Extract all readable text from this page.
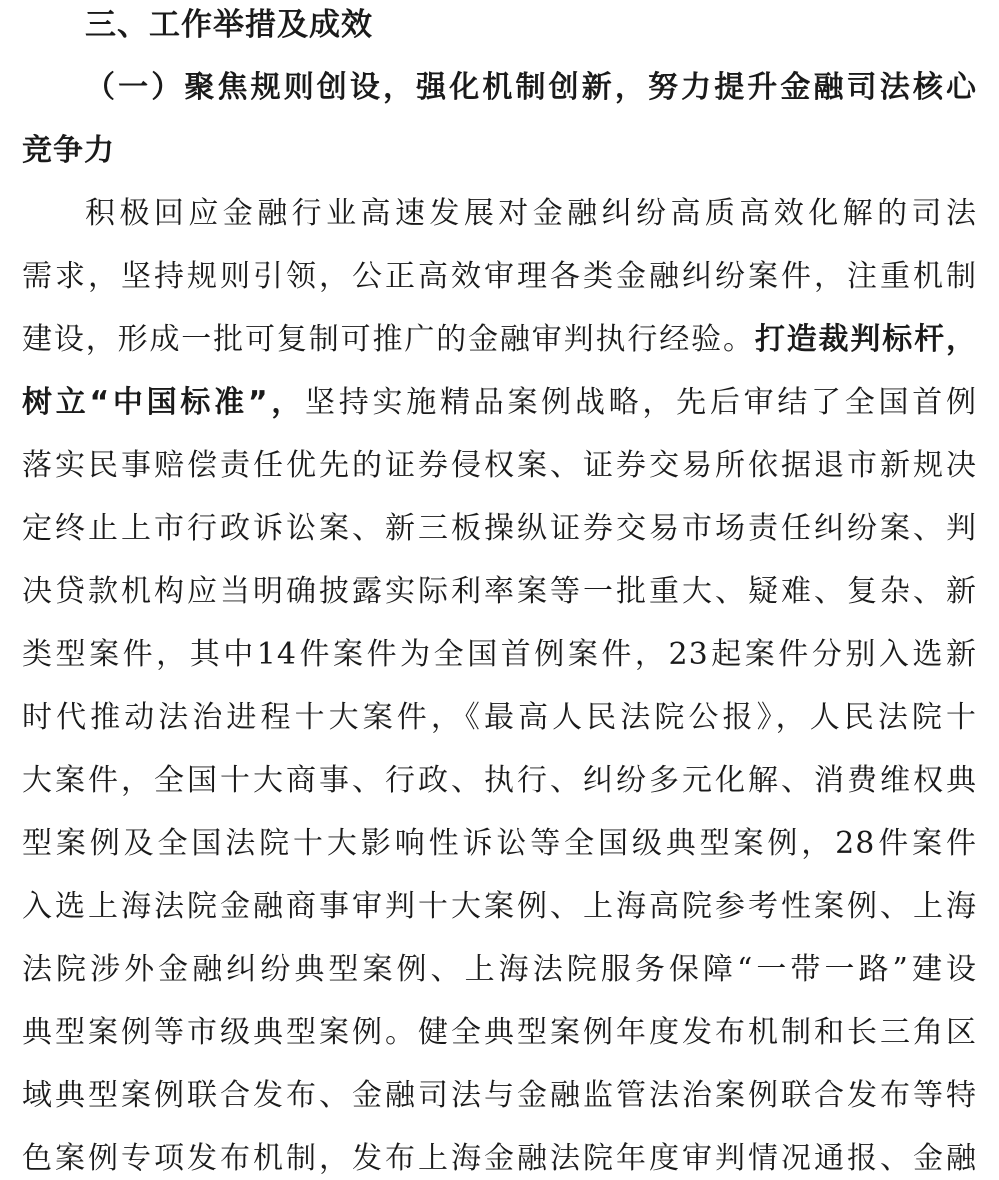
三、工作举措及成效
（一）聚焦规则创设，强化机制创新，努力提升金融司法核心
竞争力
积极回应金融行业高速发展对金融纠纷高质高效化解的司法
需求，坚持规则引领，公正高效审理各类金融纠纷案件，注重机制
建设，形成一批可复制可推广的金融审判执行经验。打造裁判标杆，
树立“中国标准”，坚持实施精品案例战略，先后审结了全国首例
落实民事赔偿责任优先的证券侵权案、证券交易所依据退市新规决
定终止上市行政诉讼案、新三板操纵证券交易市场责任纠纷案、判
决贷款机构应当明确披露实际利率案等一批重大、疑难、复杂、新
类型案件，其中14件案件为全国首例案件，23起案件分别入选新
时代推动法治进程十大案件，《最高人民法院公报》，人民法院十
大案件，全国十大商事、行政、执行、纠纷多元化解、消费维权典
型案例及全国法院十大影响性诉讼等全国级典型案例，28件案件
入选上海法院金融商事审判十大案例、上海高院参考性案例、上海
法院涉外金融纠纷典型案例、上海法院服务保障“一带一路”建设
典型案例等市级典型案例。健全典型案例年度发布机制和长三角区
域典型案例联合发布、金融司法与金融监管法治案例联合发布等特
色案例专项发布机制，发布上海金融法院年度审判情况通报、金融
